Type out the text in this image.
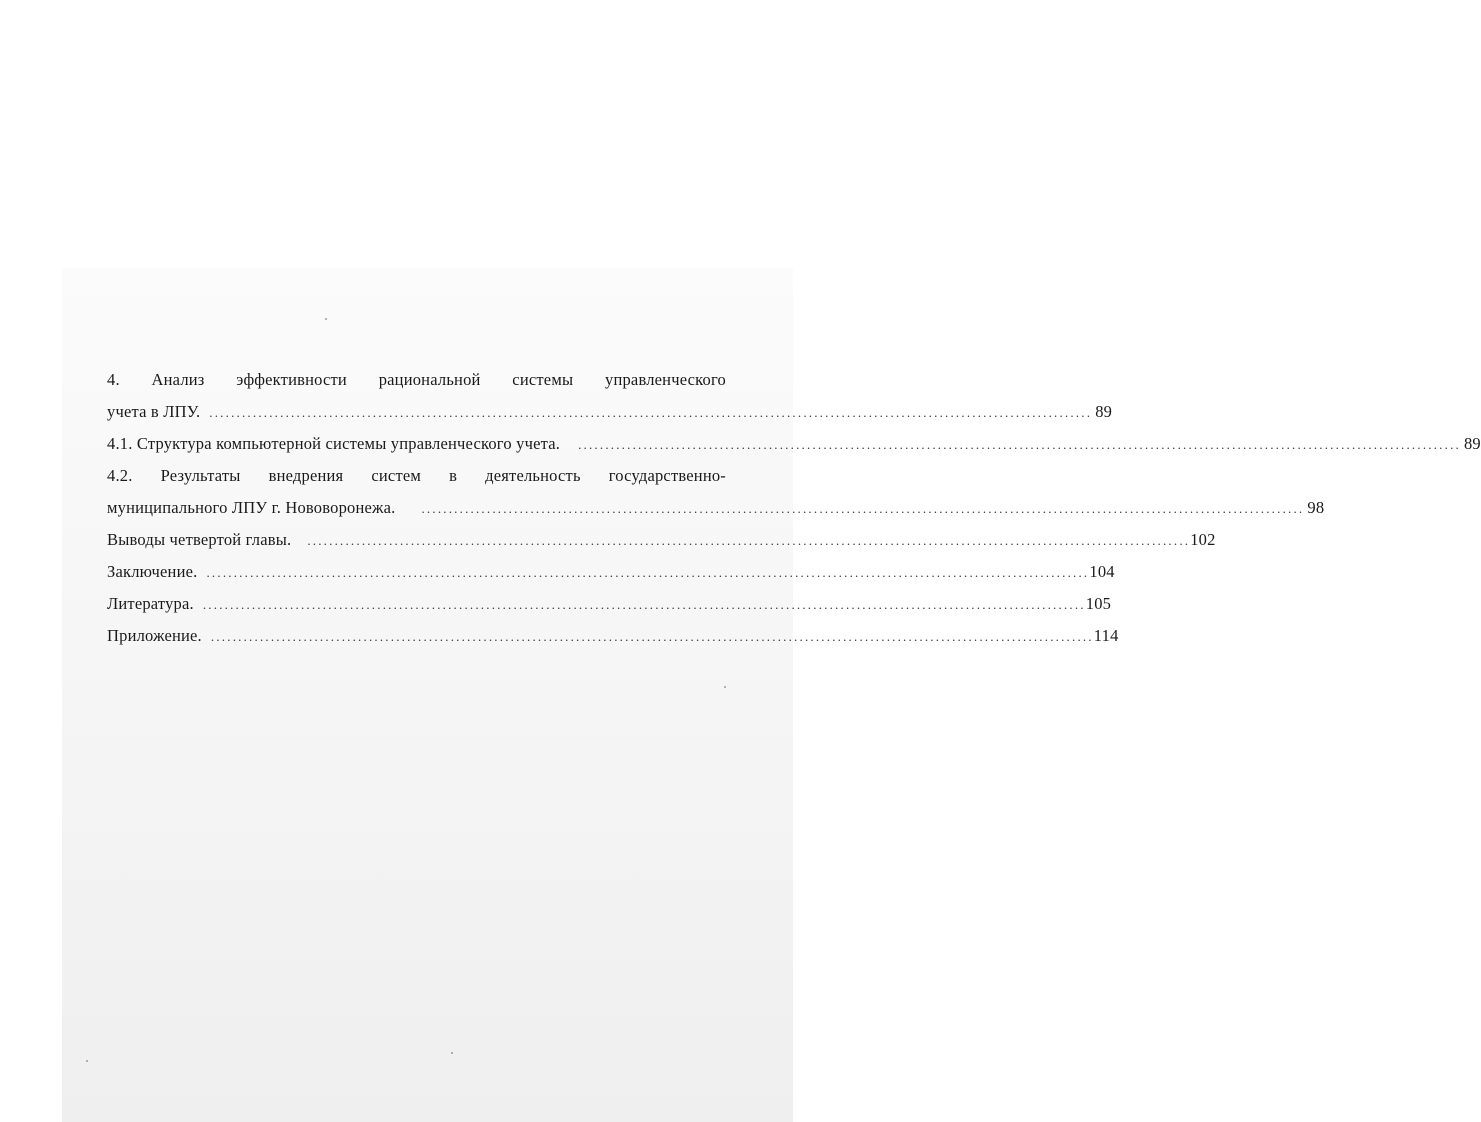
4. Анализ эффективности рациональной системы управленческого
учета в ЛПУ. .................................................................................................................................................................. 89
4.1. Структура компьютерной системы управленческого учета. .................................................................................................................................................................. 89
4.2. Результаты внедрения систем в деятельность государственно-
муниципального ЛПУ г. Нововоронежа. .................................................................................................................................................................. 98
Выводы четвертой главы. .................................................................................................................................................................. 102
Заключение. .................................................................................................................................................................. 104
Литература. .................................................................................................................................................................. 105
Приложение. .................................................................................................................................................................. 114
